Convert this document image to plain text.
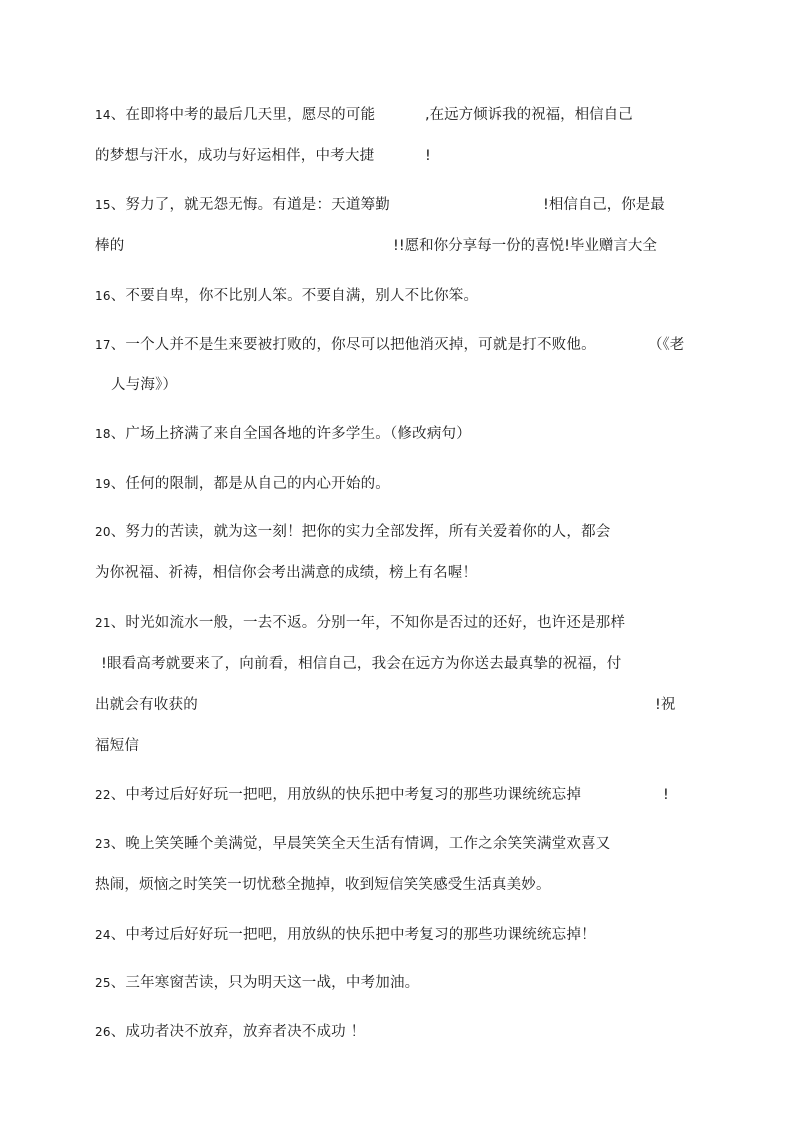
14、在即将中考的最后几天里，愿尽的可能	,在远方倾诉我的祝福，相信自己
的梦想与汗水，成功与好运相伴，中考大捷	!
15、努力了，就无怨无悔。有道是：天道筹勤	!相信自己，你是最
棒的	!!愿和你分享每一份的喜悦!毕业赠言大全
16、不要自卑，你不比别人笨。不要自满，别人不比你笨。
17、一个人并不是生来要被打败的，你尽可以把他消灭掉，可就是打不败他。	（《老
人与海》）
18、广场上挤满了来自全国各地的许多学生。（修改病句）
19、任何的限制，都是从自己的内心开始的。
20、努力的苦读，就为这一刻！把你的实力全部发挥，所有关爱着你的人，都会
为你祝福、祈祷，相信你会考出满意的成绩，榜上有名喔！
21、时光如流水一般，一去不返。分别一年，不知你是否过的还好，也许还是那样
!眼看高考就要来了，向前看，相信自己，我会在远方为你送去最真挚的祝福，付
出就会有收获的	!祝
福短信
22、中考过后好好玩一把吧，用放纵的快乐把中考复习的那些功课统统忘掉	!
23、晚上笑笑睡个美满觉，早晨笑笑全天生活有情调，工作之余笑笑满堂欢喜又
热闹，烦恼之时笑笑一切忧愁全抛掉，收到短信笑笑感受生活真美妙。
24、中考过后好好玩一把吧，用放纵的快乐把中考复习的那些功课统统忘掉！
25、三年寒窗苦读，只为明天这一战，中考加油。
26、成功者决不放弃，放弃者决不成功 ！
